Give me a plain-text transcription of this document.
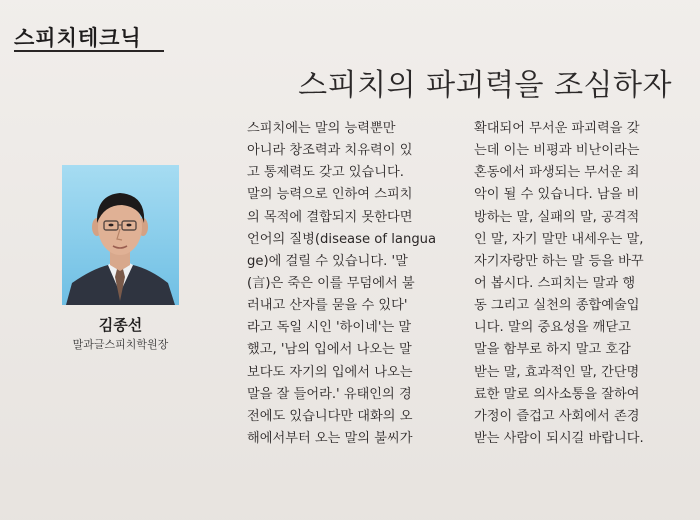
스피치테크닉
스피치의 파괴력을 조심하자
김종선
말과글스피치학원장
스피치에는 말의 능력뿐만
아니라 창조력과 치유력이 있
고 통제력도 갖고 있습니다.
말의 능력으로 인하여 스피치
의 목적에 결합되지 못한다면
언어의 질병(disease of langua
ge)에 걸릴 수 있습니다. '말
(言)은 죽은 이를 무덤에서 불
러내고 산자를 묻을 수 있다'
라고 독일 시인 '하이네'는 말
했고, '남의 입에서 나오는 말
보다도 자기의 입에서 나오는
말을 잘 들어라.' 유태인의 경
전에도 있습니다만 대화의 오
해에서부터 오는 말의 불씨가
확대되어 무서운 파괴력을 갖
는데 이는 비평과 비난이라는
혼동에서 파생되는 무서운 죄
악이 될 수 있습니다. 남을 비
방하는 말, 실패의 말, 공격적
인 말, 자기 말만 내세우는 말,
자기자랑만 하는 말 등을 바꾸
어 봅시다. 스피치는 말과 행
동 그리고 실천의 종합예술입
니다. 말의 중요성을 깨닫고
말을 함부로 하지 말고 호감
받는 말, 효과적인 말, 간단명
료한 말로 의사소통을 잘하여
가정이 즐겁고 사회에서 존경
받는 사람이 되시길 바랍니다.
